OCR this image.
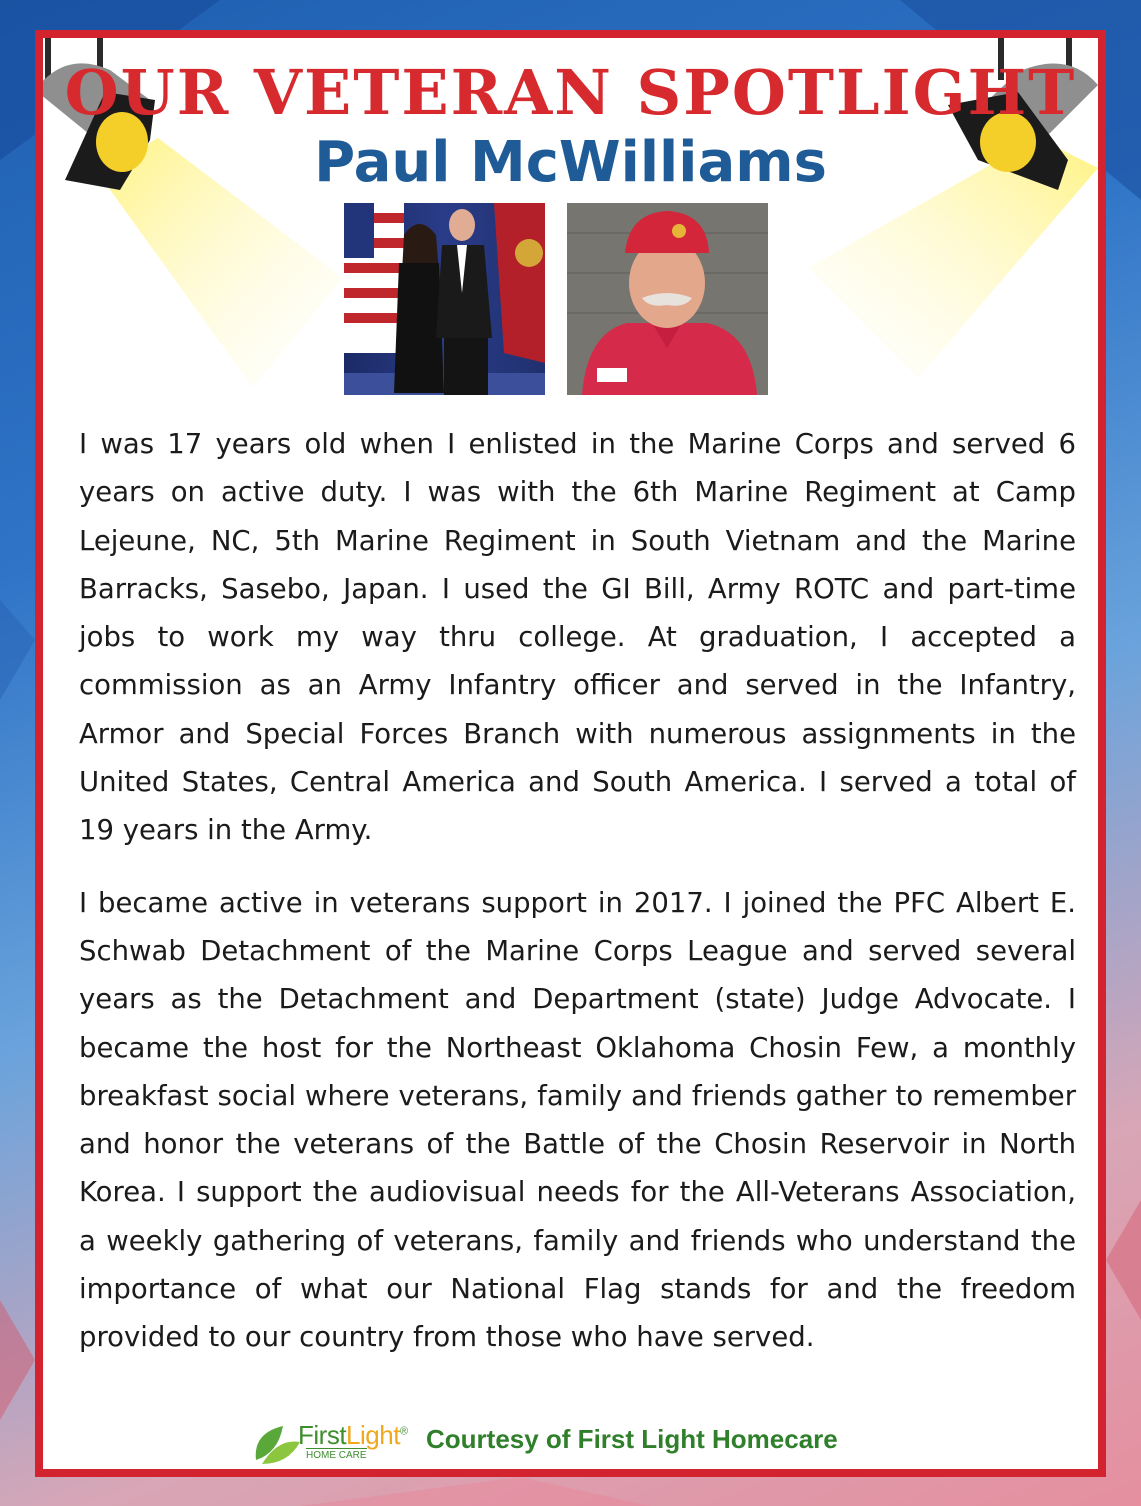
OUR VETERAN SPOTLIGHT
Paul McWilliams

I was 17 years old when I enlisted in the Marine Corps and served 6 years on active duty. I was with the 6th Marine Regiment at Camp Lejeune, NC, 5th Marine Regiment in South Vietnam and the Marine Barracks, Sasebo, Japan. I used the GI Bill, Army ROTC and part-time jobs to work my way thru college. At graduation, I accepted a commission as an Army Infantry officer and served in the Infantry, Armor and Special Forces Branch with numerous assignments in the United States, Central America and South America. I served a total of 19 years in the Army.

I became active in veterans support in 2017. I joined the PFC Albert E. Schwab Detachment of the Marine Corps League and served several years as the Detachment and Department (state) Judge Advocate. I became the host for the Northeast Oklahoma Chosin Few, a monthly breakfast social where veterans, family and friends gather to remember and honor the veterans of the Battle of the Chosin Reservoir in North Korea. I support the audiovisual needs for the All-Veterans Association, a weekly gathering of veterans, family and friends who understand the importance of what our National Flag stands for and the freedom provided to our country from those who have served.

FirstLight®
HOME CARE
Courtesy of First Light Homecare
